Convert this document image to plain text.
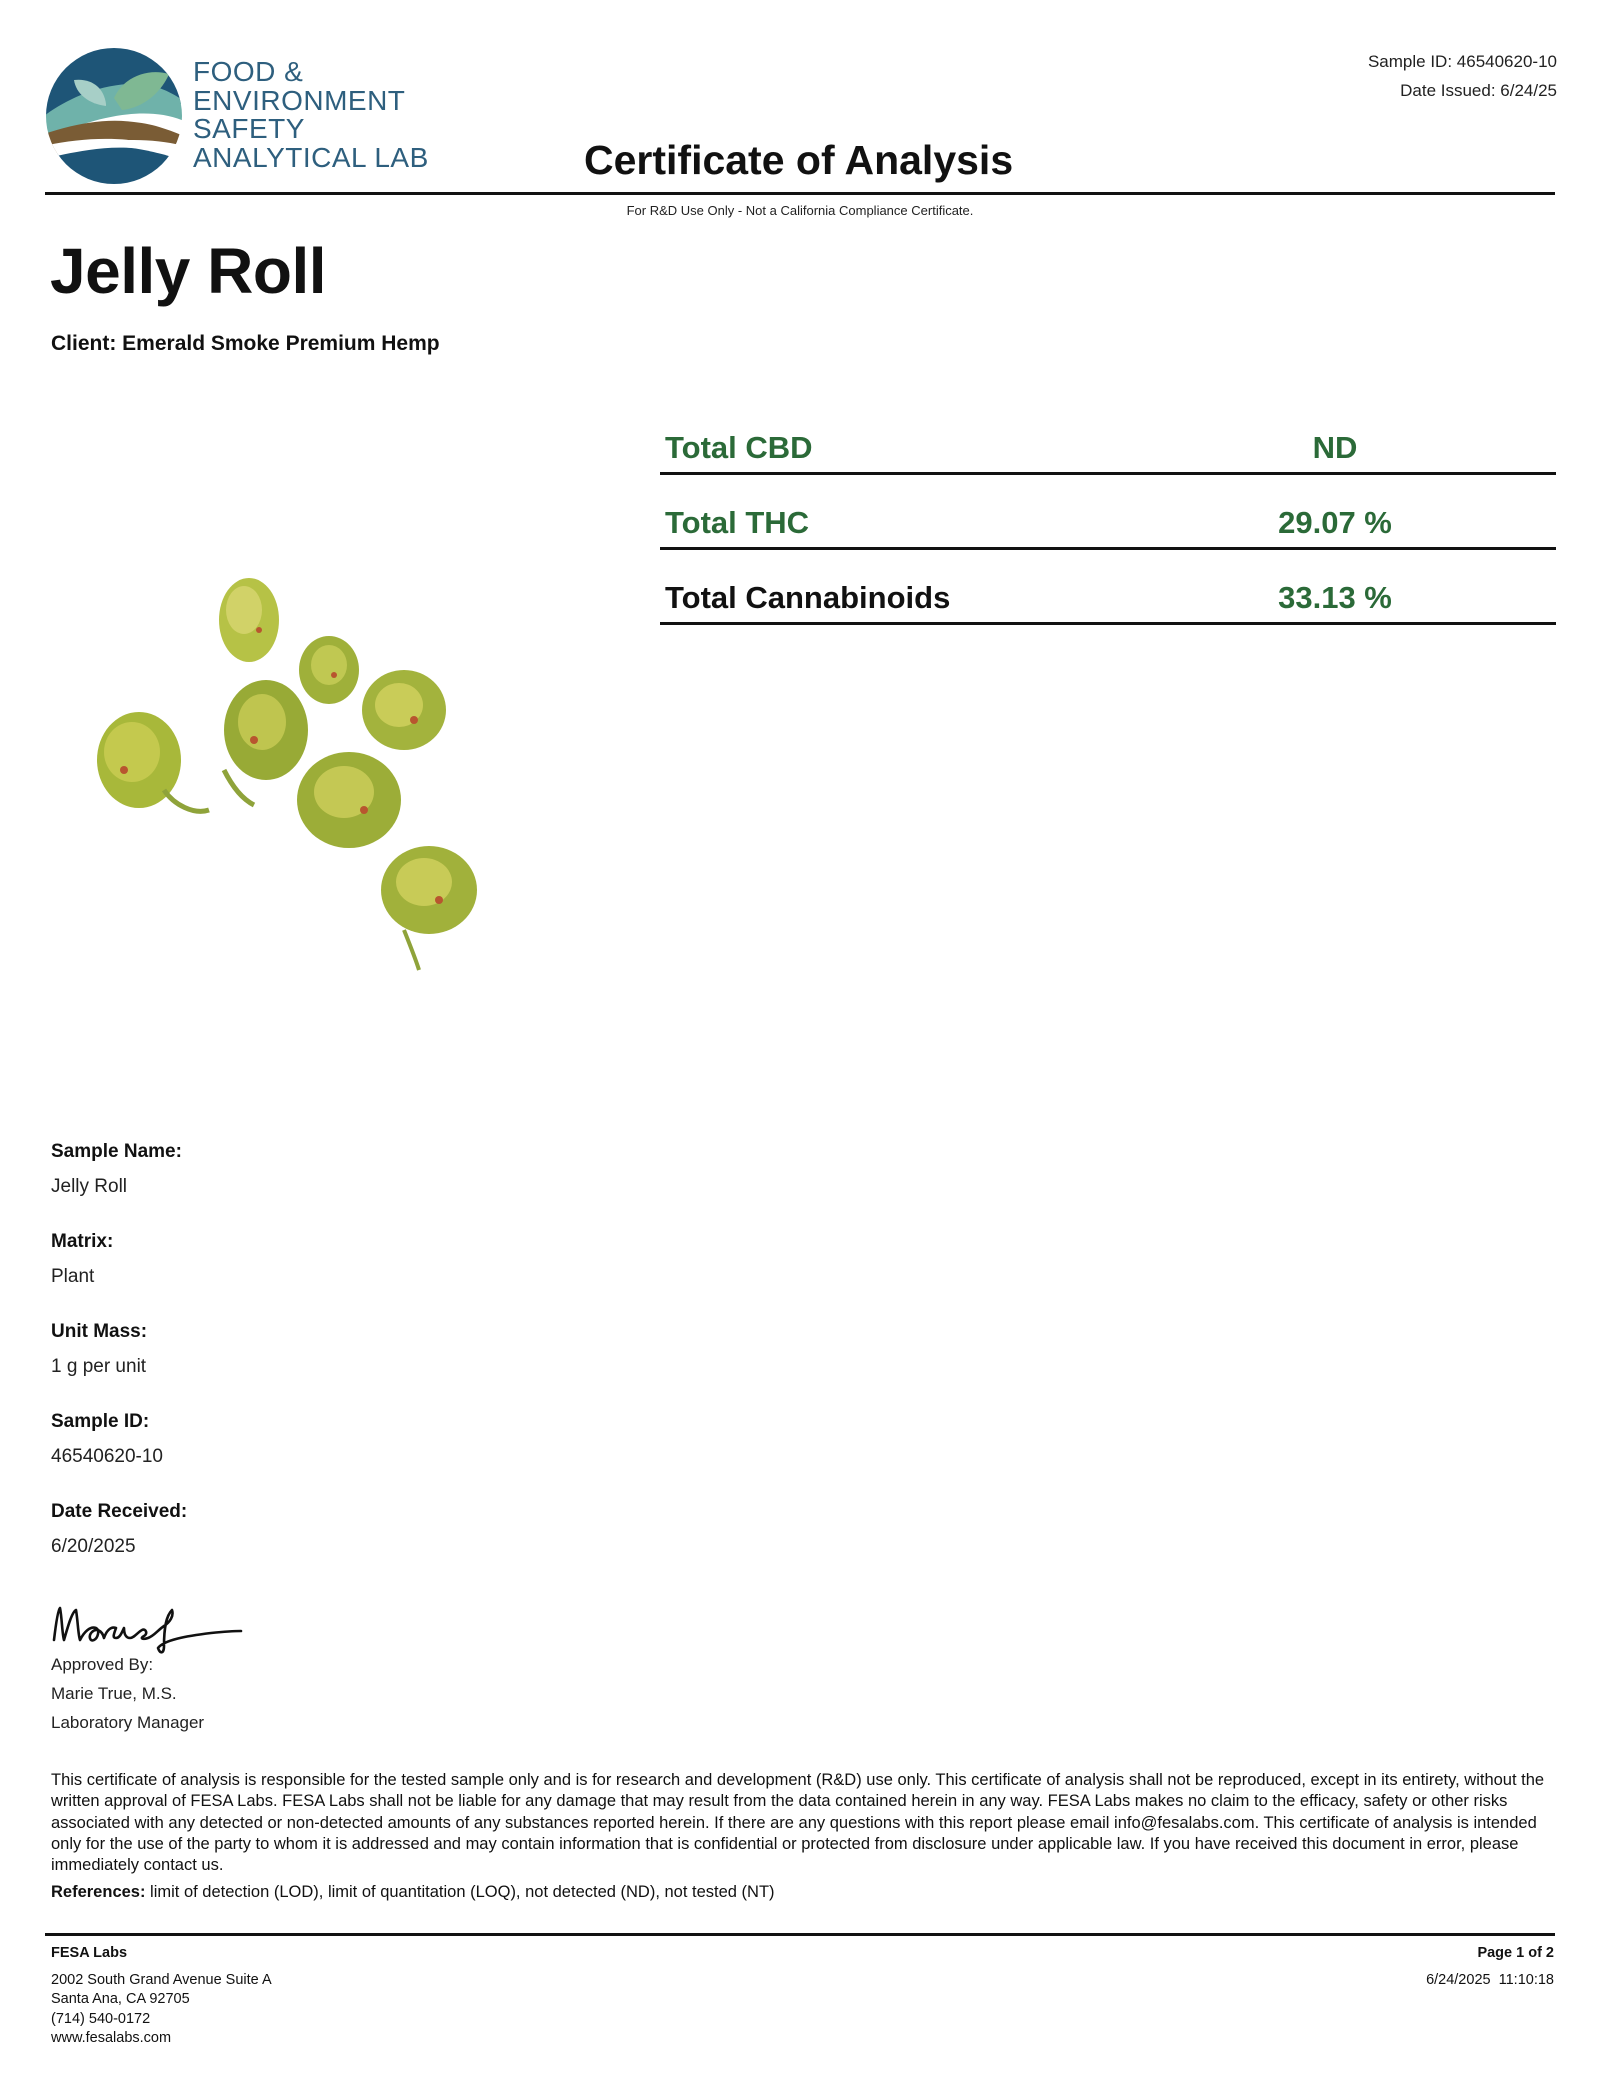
FOOD &
ENVIRONMENT
SAFETY
ANALYTICAL LAB
Sample ID: 46540620-10
Date Issued: 6/24/25
Certificate of Analysis
For R&D Use Only - Not a California Compliance Certificate.
Jelly Roll
Client: Emerald Smoke Premium Hemp
Total CBD	ND
Total THC	29.07 %
Total Cannabinoids	33.13 %
Sample Name:
Jelly Roll
Matrix:
Plant
Unit Mass:
1 g per unit
Sample ID:
46540620-10
Date Received:
6/20/2025
Approved By:
Marie True, M.S.
Laboratory Manager
This certificate of analysis is responsible for the tested sample only and is for research and development (R&D) use only. This certificate of analysis shall not be reproduced, except in its entirety, without the written approval of FESA Labs. FESA Labs shall not be liable for any damage that may result from the data contained herein in any way. FESA Labs makes no claim to the efficacy, safety or other risks associated with any detected or non-detected amounts of any substances reported herein. If there are any questions with this report please email info@fesalabs.com. This certificate of analysis is intended only for the use of the party to whom it is addressed and may contain information that is confidential or protected from disclosure under applicable law. If you have received this document in error, please immediately contact us.
References: limit of detection (LOD), limit of quantitation (LOQ), not detected (ND), not tested (NT)
FESA Labs
2002 South Grand Avenue Suite A
Santa Ana, CA 92705
(714) 540-0172
www.fesalabs.com
Page 1 of 2
6/24/2025  11:10:18
